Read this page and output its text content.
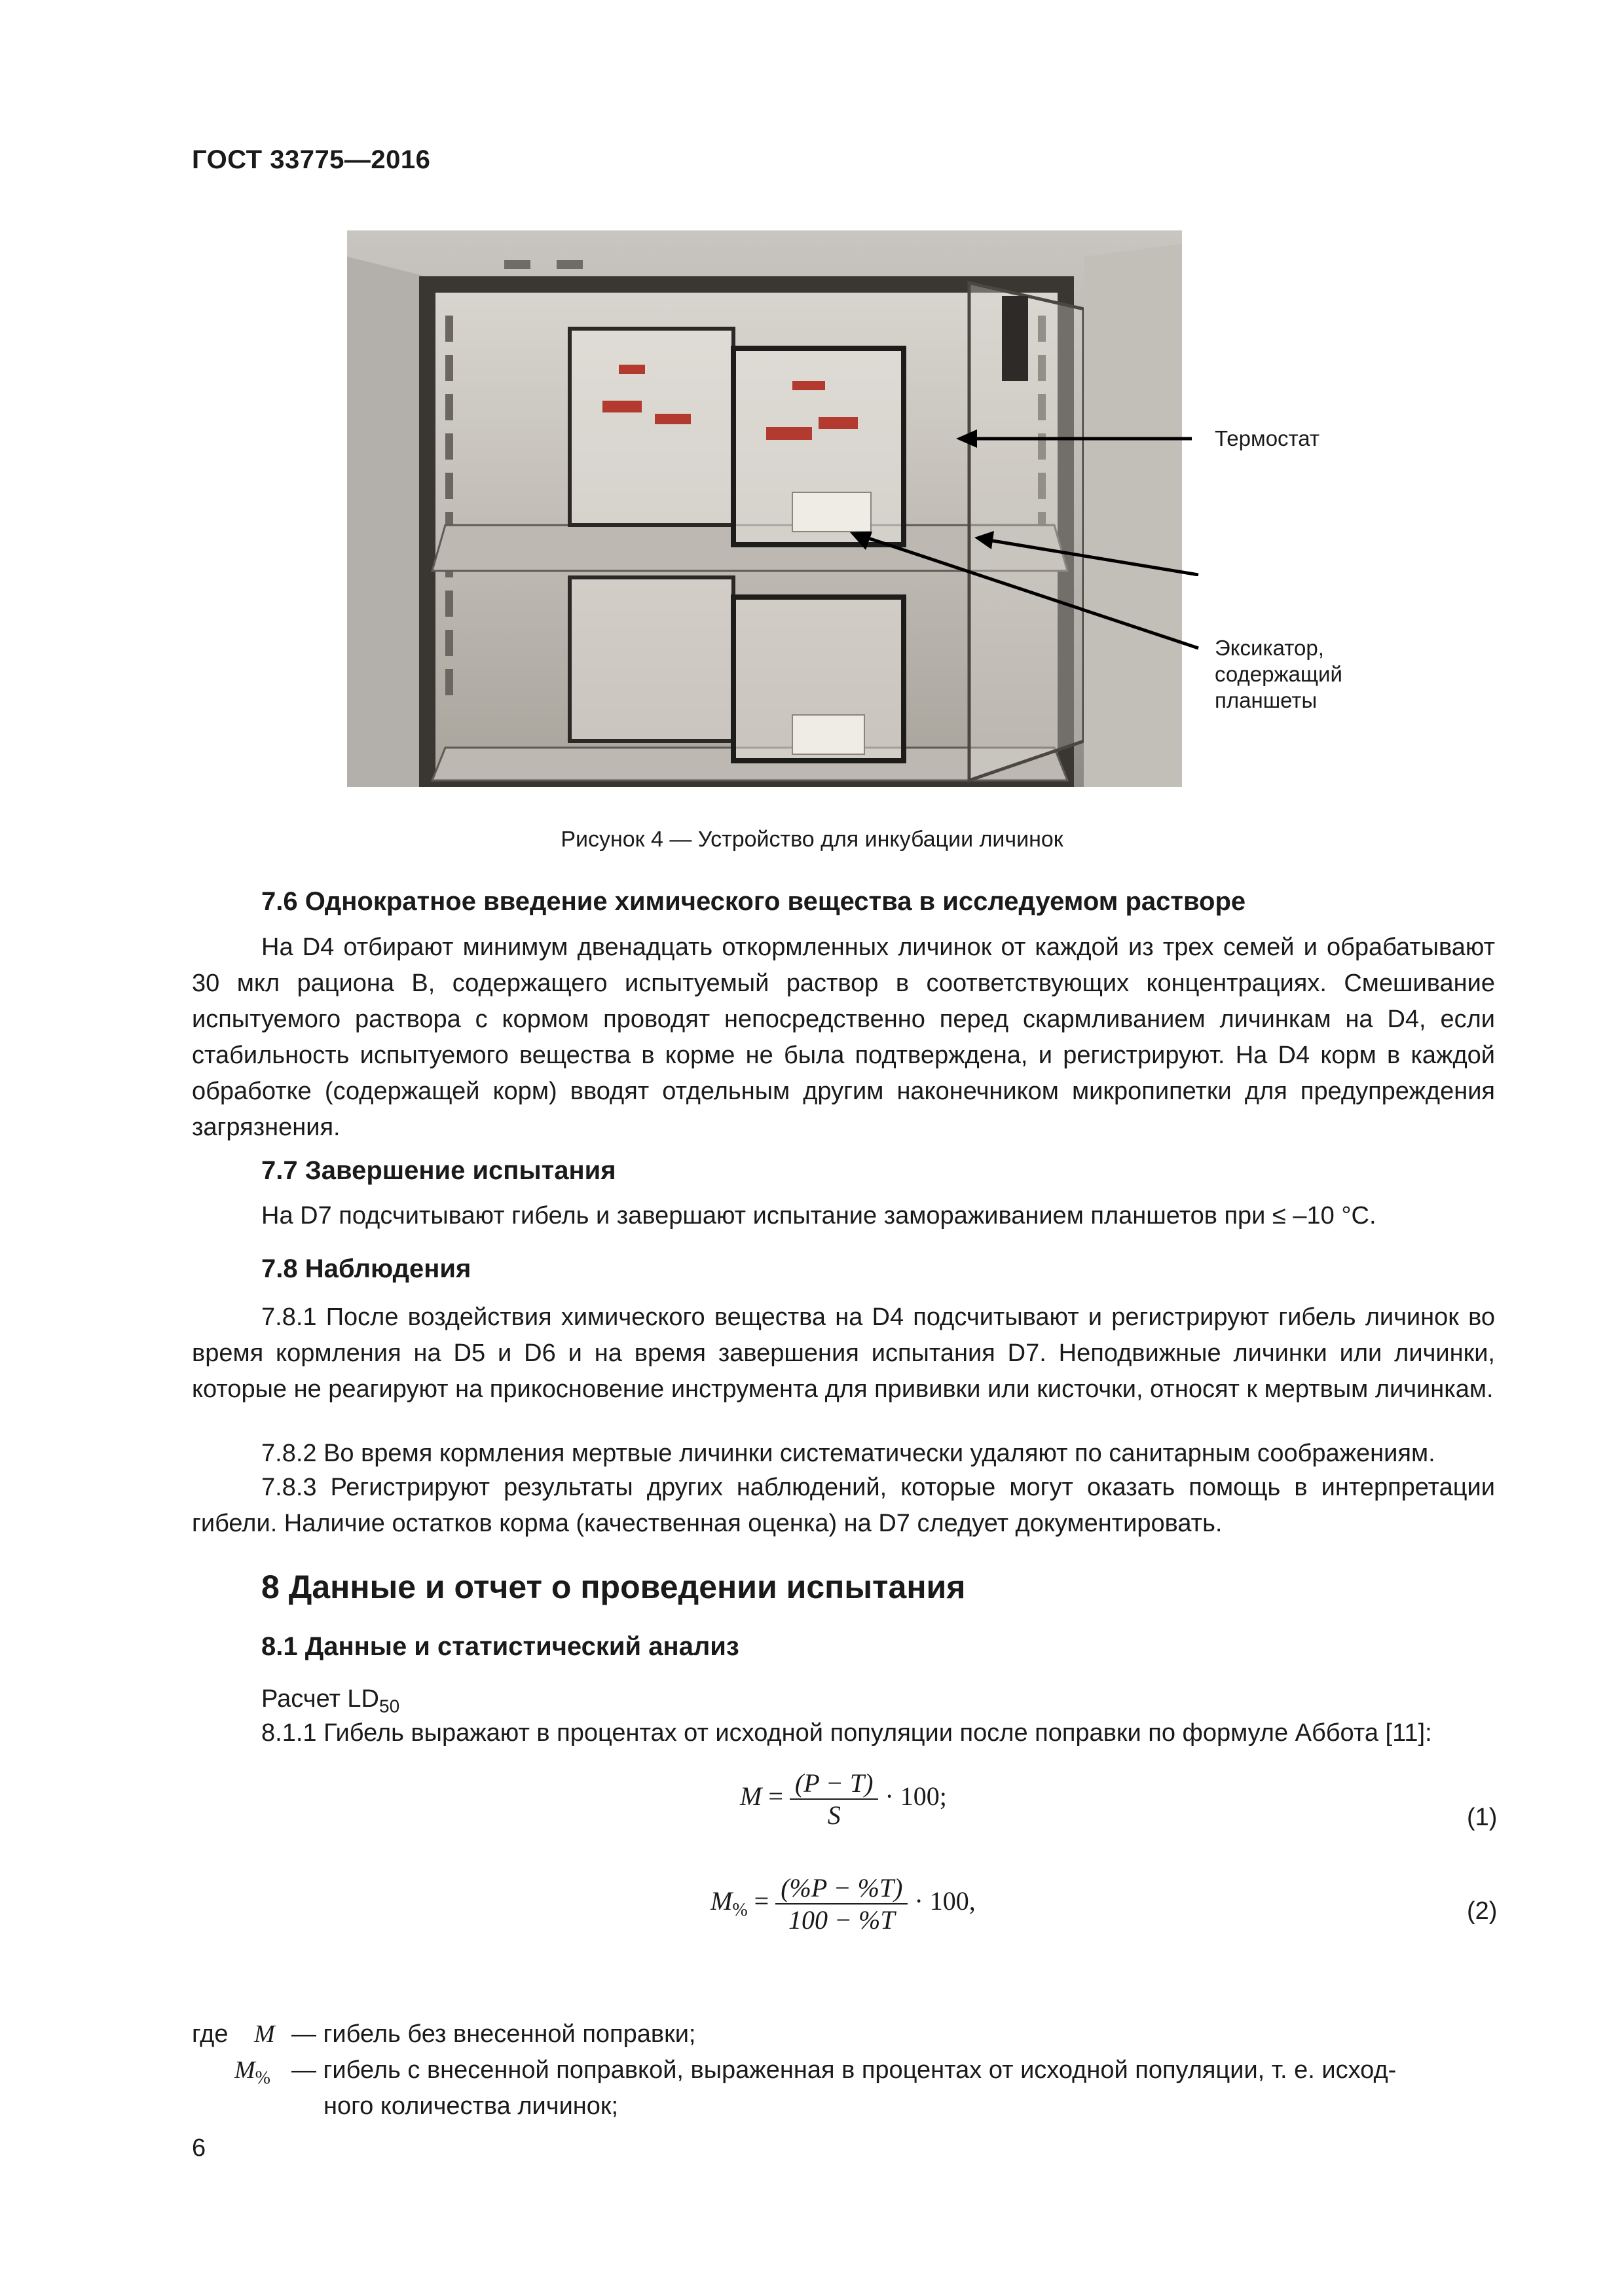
ГОСТ 33775—2016
Термостат
Эксикатор,
содержащий
планшеты
Рисунок 4 — Устройство для инкубации личинок
7.6 Однократное введение химического вещества в исследуемом растворе
На D4 отбирают минимум двенадцать откормленных личинок от каждой из трех семей и обрабатывают 30 мкл рациона В, содержащего испытуемый раствор в соответствующих концентрациях. Смешивание испытуемого раствора с кормом проводят непосредственно перед скармливанием личинкам на D4, если стабильность испытуемого вещества в корме не была подтверждена, и регистрируют. На D4 корм в каждой обработке (содержащей корм) вводят отдельным другим наконечником микропипетки для предупреждения загрязнения.
7.7 Завершение испытания
На D7 подсчитывают гибель и завершают испытание замораживанием планшетов при ≤ –10 °С.
7.8 Наблюдения
7.8.1 После воздействия химического вещества на D4 подсчитывают и регистрируют гибель личинок во время кормления на D5 и D6 и на время завершения испытания D7. Неподвижные личинки или личинки, которые не реагируют на прикосновение инструмента для прививки или кисточки, относят к мертвым личинкам.
7.8.2 Во время кормления мертвые личинки систематически удаляют по санитарным соображениям.
7.8.3 Регистрируют результаты других наблюдений, которые могут оказать помощь в интерпретации гибели. Наличие остатков корма (качественная оценка) на D7 следует документировать.
8 Данные и отчет о проведении испытания
8.1 Данные и статистический анализ
Расчет $LD_{50}$
8.1.1 Гибель выражают в процентах от исходной популяции после поправки по формуле Аббота [11]:
$M = \frac{(P - T)}{S} \cdot 100$;
(1)
$M_{\%} = \frac{(\%P - \%T)}{100 - \%T} \cdot 100$,	(2)
где M — гибель без внесенной поправки;
$M_{\%}$ — гибель с внесенной поправкой, выраженная в процентах от исходной популяции, т. е. исход-
ного количества личинок;
6
